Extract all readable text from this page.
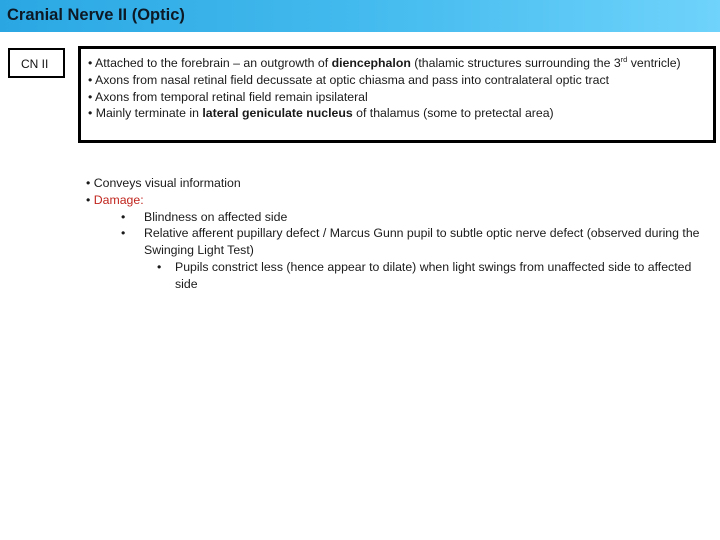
Cranial Nerve II (Optic)
CN II	• Attached to the forebrain – an outgrowth of diencephalon (thalamic structures surrounding the 3rd ventricle)

• Axons from nasal retinal field decussate at optic chiasma and pass into contralateral optic tract

• Axons from temporal retinal field remain ipsilateral

• Mainly terminate in lateral geniculate nucleus of thalamus (some to pretectal area)

• Conveys visual information

• Damage:

• Blindness on affected side

• Relative afferent pupillary defect / Marcus Gunn pupil to subtle optic nerve defect (observed during the Swinging Light Test)

• Pupils constrict less (hence appear to dilate) when light swings from unaffected side to affected side
